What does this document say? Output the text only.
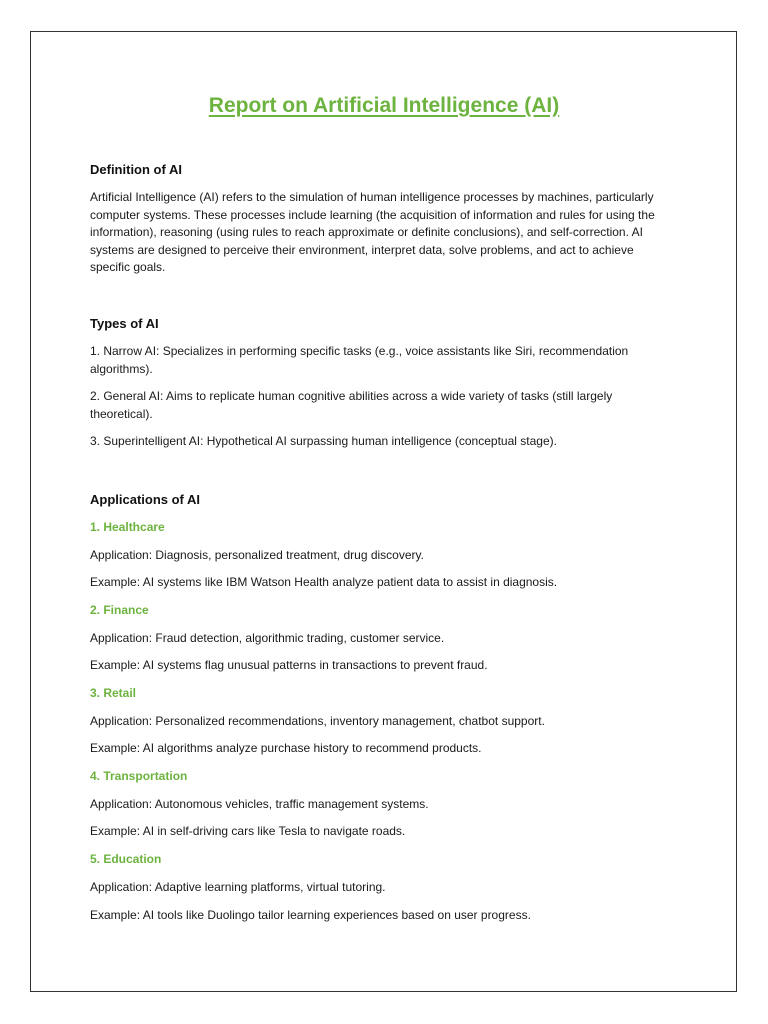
Report on Artificial Intelligence (AI)
Definition of AI

Artificial Intelligence (AI) refers to the simulation of human intelligence processes by machines, particularly computer systems. These processes include learning (the acquisition of information and rules for using the information), reasoning (using rules to reach approximate or definite conclusions), and self-correction. AI systems are designed to perceive their environment, interpret data, solve problems, and act to achieve specific goals.

Types of AI

1. Narrow AI: Specializes in performing specific tasks (e.g., voice assistants like Siri, recommendation algorithms).

2. General AI: Aims to replicate human cognitive abilities across a wide variety of tasks (still largely theoretical).

3. Superintelligent AI: Hypothetical AI surpassing human intelligence (conceptual stage).

Applications of AI

1. Healthcare

Application: Diagnosis, personalized treatment, drug discovery.

Example: AI systems like IBM Watson Health analyze patient data to assist in diagnosis.

2. Finance

Application: Fraud detection, algorithmic trading, customer service.

Example: AI systems flag unusual patterns in transactions to prevent fraud.

3. Retail

Application: Personalized recommendations, inventory management, chatbot support.

Example: AI algorithms analyze purchase history to recommend products.

4. Transportation

Application: Autonomous vehicles, traffic management systems.

Example: AI in self-driving cars like Tesla to navigate roads.

5. Education

Application: Adaptive learning platforms, virtual tutoring.

Example: AI tools like Duolingo tailor learning experiences based on user progress.
